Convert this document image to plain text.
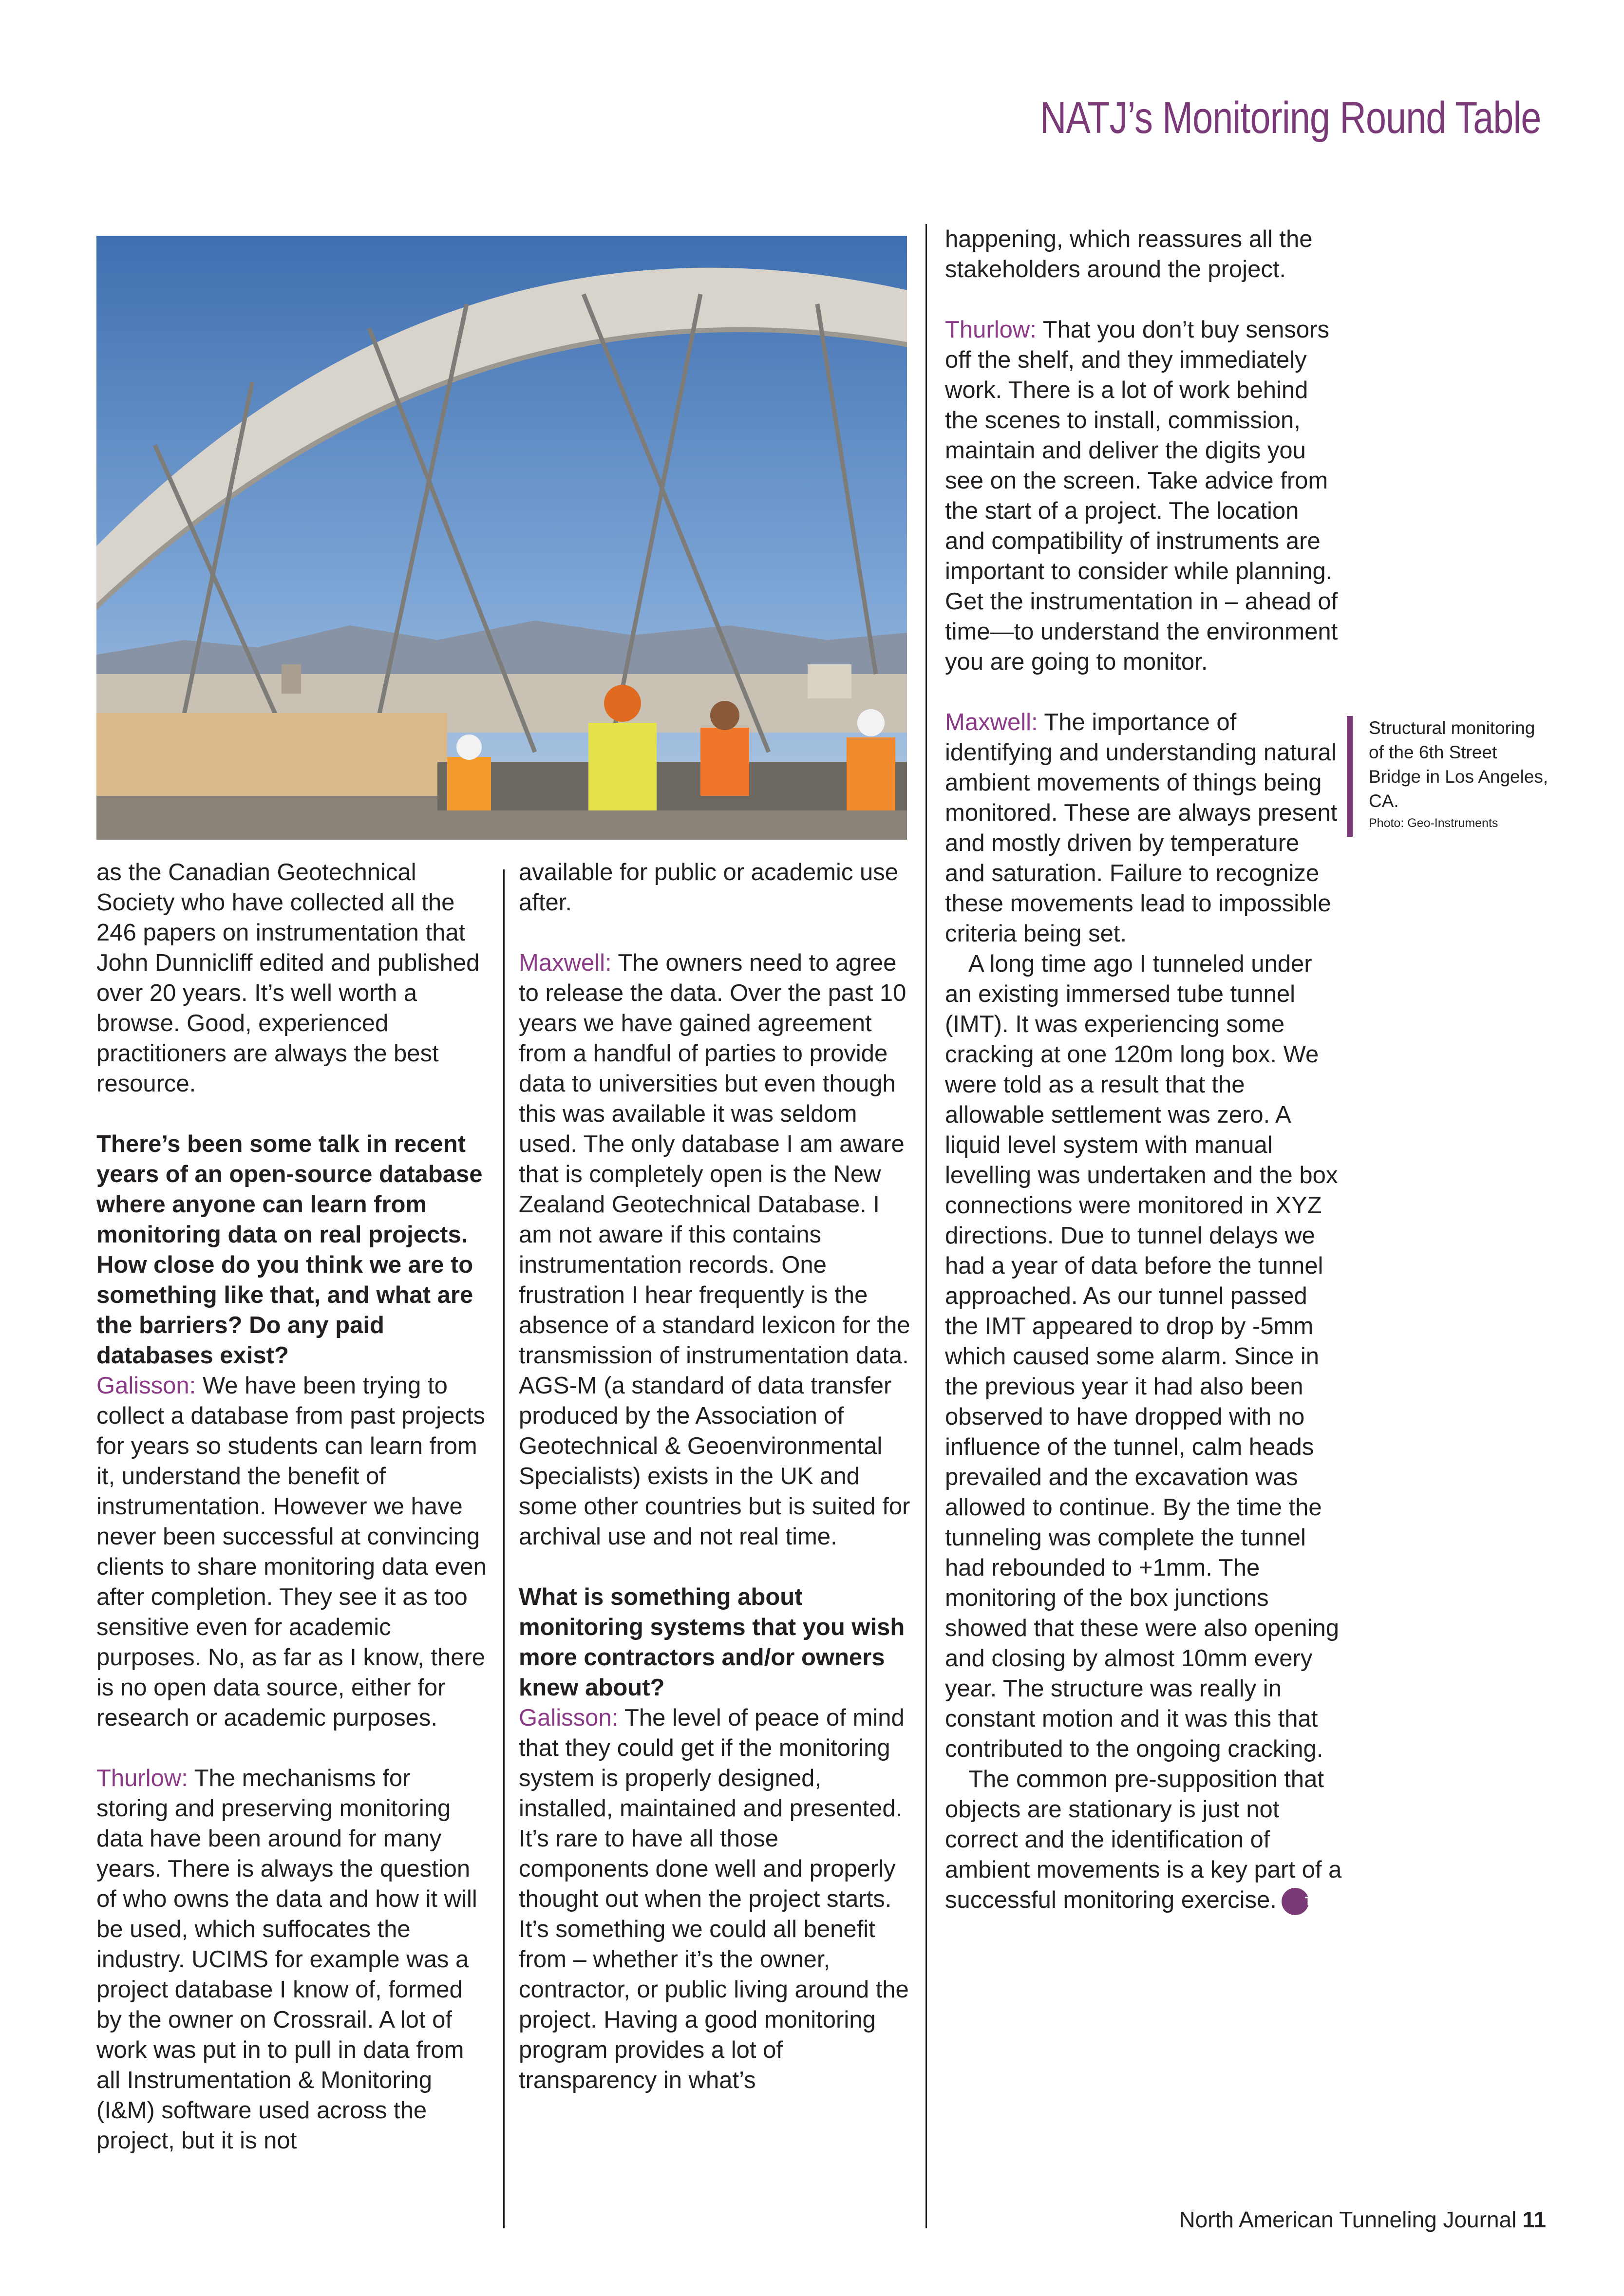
NATJ’s Monitoring Round Table
Structural monitoring of the 6th Street Bridge in Los Angeles, CA.
Photo: Geo-Instruments

as the Canadian Geotechnical Society who have collected all the 246 papers on instrumentation that John Dunnicliff edited and published over 20 years. It’s well worth a browse. Good, experienced practitioners are always the best resource.

There’s been some talk in recent years of an open-source database where anyone can learn from monitoring data on real projects. How close do you think we are to something like that, and what are the barriers? Do any paid databases exist?

Galisson: We have been trying to collect a database from past projects for years so students can learn from it, understand the benefit of instrumentation. However we have never been successful at convincing clients to share monitoring data even after completion. They see it as too sensitive even for academic purposes. No, as far as I know, there is no open data source, either for research or academic purposes.

Thurlow: The mechanisms for storing and preserving monitoring data have been around for many years. There is always the question of who owns the data and how it will be used, which suffocates the industry. UCIMS for example was a project database I know of, formed by the owner on Crossrail. A lot of work was put in to pull in data from all Instrumentation & Monitoring (I&M) software used across the project, but it is not

available for public or academic use after.

Maxwell: The owners need to agree to release the data. Over the past 10 years we have gained agreement from a handful of parties to provide data to universities but even though this was available it was seldom used. The only database I am aware that is completely open is the New Zealand Geotechnical Database. I am not aware if this contains instrumentation records. One frustration I hear frequently is the absence of a standard lexicon for the transmission of instrumentation data. AGS-M (a standard of data transfer produced by the Association of Geotechnical & Geoenvironmental Specialists) exists in the UK and some other countries but is suited for archival use and not real time.

What is something about monitoring systems that you wish more contractors and/or owners knew about?

Galisson: The level of peace of mind that they could get if the monitoring system is properly designed, installed, maintained and presented. It’s rare to have all those components done well and properly thought out when the project starts. It’s something we could all benefit from – whether it’s the owner, contractor, or public living around the project. Having a good monitoring program provides a lot of transparency in what’s

happening, which reassures all the stakeholders around the project.

Thurlow: That you don’t buy sensors off the shelf, and they immediately work. There is a lot of work behind the scenes to install, commission, maintain and deliver the digits you see on the screen. Take advice from the start of a project. The location and compatibility of instruments are important to consider while planning. Get the instrumentation in – ahead of time—to understand the environment you are going to monitor.

Maxwell: The importance of identifying and understanding natural ambient movements of things being monitored. These are always present and mostly driven by temperature and saturation. Failure to recognize these movements lead to impossible criteria being set.

A long time ago I tunneled under an existing immersed tube tunnel (IMT). It was experiencing some cracking at one 120m long box. We were told as a result that the allowable settlement was zero. A liquid level system with manual levelling was undertaken and the box connections were monitored in XYZ directions. Due to tunnel delays we had a year of data before the tunnel approached. As our tunnel passed the IMT appeared to drop by -5mm which caused some alarm. Since in the previous year it had also been observed to have dropped with no influence of the tunnel, calm heads prevailed and the excavation was allowed to continue. By the time the tunneling was complete the tunnel had rebounded to +1mm. The monitoring of the box junctions showed that these were also opening and closing by almost 10mm every year. The structure was really in constant motion and it was this that contributed to the ongoing cracking.

The common pre-supposition that objects are stationary is just not correct and the identification of ambient movements is a key part of a successful monitoring exercise. TJ

North American Tunneling Journal 11
